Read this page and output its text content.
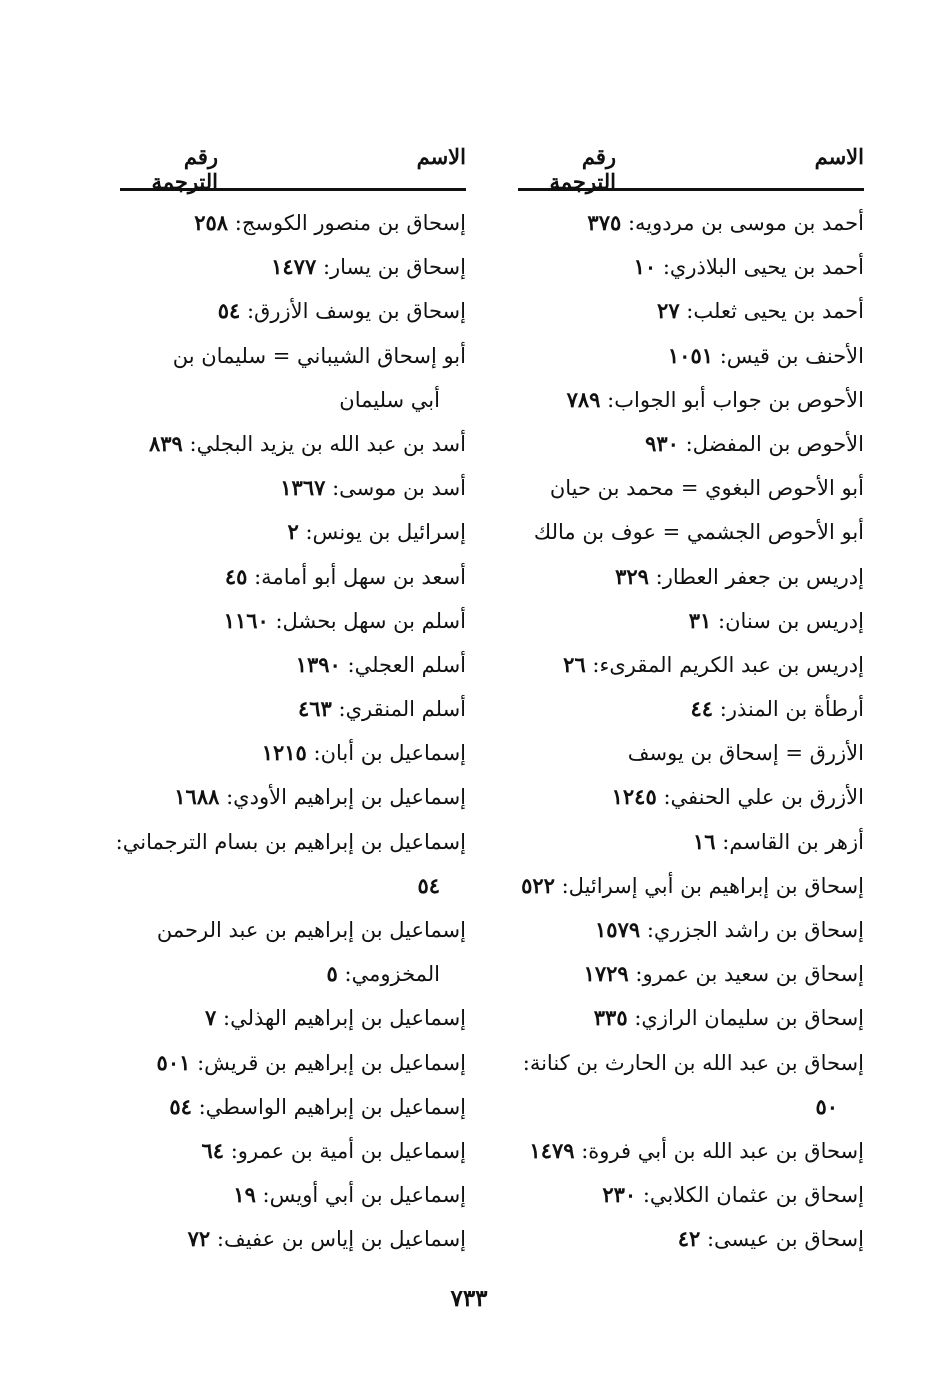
الاسم
رقم الترجمة
أحمد بن موسى بن مردويه: ٣٧٥
أحمد بن يحيى البلاذري: ١٠
أحمد بن يحيى ثعلب: ٢٧
الأحنف بن قيس: ١٠٥١
الأحوص بن جواب أبو الجواب: ٧٨٩
الأحوص بن المفضل: ٩٣٠
أبو الأحوص البغوي = محمد بن حيان
أبو الأحوص الجشمي = عوف بن مالك
إدريس بن جعفر العطار: ٣٢٩
إدريس بن سنان: ٣١
إدريس بن عبد الكريم المقرىء: ٢٦
أرطأة بن المنذر: ٤٤
الأزرق = إسحاق بن يوسف
الأزرق بن علي الحنفي: ١٢٤٥
أزهر بن القاسم: ١٦
إسحاق بن إبراهيم بن أبي إسرائيل: ٥٢٢
إسحاق بن راشد الجزري: ١٥٧٩
إسحاق بن سعيد بن عمرو: ١٧٢٩
إسحاق بن سليمان الرازي: ٣٣٥
إسحاق بن عبد الله بن الحارث بن كنانة:
٥٠
إسحاق بن عبد الله بن أبي فروة: ١٤٧٩
إسحاق بن عثمان الكلابي: ٢٣٠
إسحاق بن عيسى: ٤٢
الاسم
رقم الترجمة
إسحاق بن منصور الكوسج: ٢٥٨
إسحاق بن يسار: ١٤٧٧
إسحاق بن يوسف الأزرق: ٥٤
أبو إسحاق الشيباني = سليمان بن
أبي سليمان
أسد بن عبد الله بن يزيد البجلي: ٨٣٩
أسد بن موسى: ١٣٦٧
إسرائيل بن يونس: ٢
أسعد بن سهل أبو أمامة: ٤٥
أسلم بن سهل بحشل: ١١٦٠
أسلم العجلي: ١٣٩٠
أسلم المنقري: ٤٦٣
إسماعيل بن أبان: ١٢١٥
إسماعيل بن إبراهيم الأودي: ١٦٨٨
إسماعيل بن إبراهيم بن بسام الترجماني:
٥٤
إسماعيل بن إبراهيم بن عبد الرحمن
المخزومي: ٥
إسماعيل بن إبراهيم الهذلي: ٧
إسماعيل بن إبراهيم بن قريش: ٥٠١
إسماعيل بن إبراهيم الواسطي: ٥٤
إسماعيل بن أمية بن عمرو: ٦٤
إسماعيل بن أبي أويس: ١٩
إسماعيل بن إياس بن عفيف: ٧٢
٧٣٣
